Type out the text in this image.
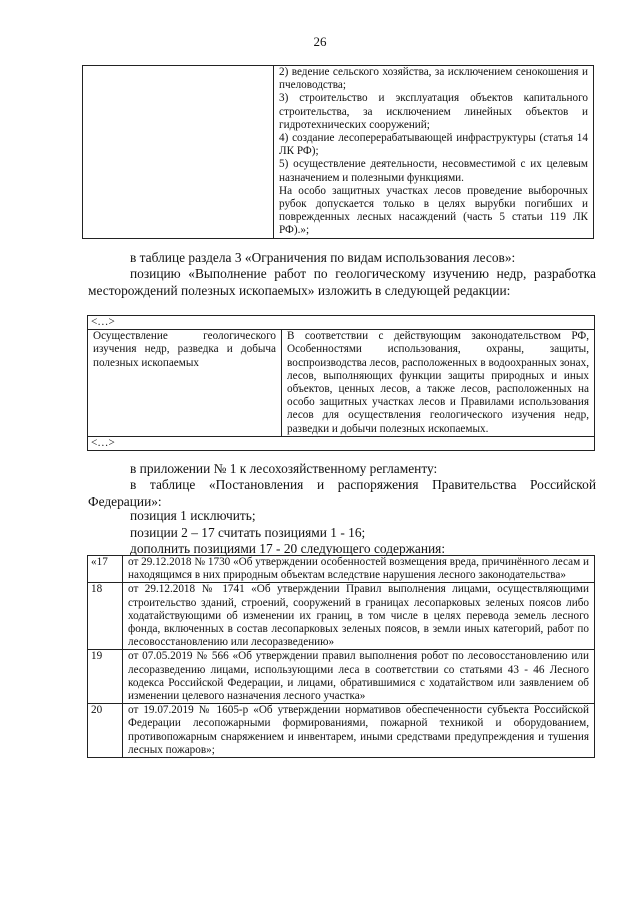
26

2) ведение сельского хозяйства, за исключением сенокошения и пчеловодства;

3) строительство и эксплуатация объектов капитального строительства, за исключением линейных объектов и гидротехнических сооружений;

4) создание лесоперерабатывающей инфраструктуры (статья 14 ЛК РФ);

5) осуществление деятельности, несовместимой с их целевым назначением и полезными функциями.

На особо защитных участках лесов проведение выборочных рубок допускается только в целях вырубки погибших и поврежденных лесных насаждений (часть 5 статьи 119 ЛК РФ).»;

в таблице раздела 3 «Ограничения по видам использования лесов»:
позицию «Выполнение работ по геологическому изучению недр, разработка месторождений полезных ископаемых» изложить в следующей редакции:
<…>
Осуществление геологического изучения недр, разведка и добыча полезных ископаемых	В соответствии с действующим законодательством РФ, Особенностями использования, охраны, защиты, воспроизводства лесов, расположенных в водоохранных зонах, лесов, выполняющих функции защиты природных и иных объектов, ценных лесов, а также лесов, расположенных на особо защитных участках лесов и Правилами использования лесов для осуществления геологического изучения недр, разведки и добычи полезных ископаемых.
<…>
в приложении № 1 к лесохозяйственному регламенту:
в таблице «Постановления и распоряжения Правительства Российской Федерации»:
позиция 1 исключить;
позиции 2 – 17 считать позициями 1 - 16;
дополнить позициями 17 - 20 следующего содержания:
«17	от 29.12.2018 № 1730 «Об утверждении особенностей возмещения вреда, причинённого лесам и находящимся в них природным объектам вследствие нарушения лесного законодательства»
18	от 29.12.2018 № 1741 «Об утверждении Правил выполнения лицами, осуществляющими строительство зданий, строений, сооружений в границах лесопарковых зеленых поясов либо ходатайствующими об изменении их границ, в том числе в целях перевода земель лесного фонда, включенных в состав лесопарковых зеленых поясов, в земли иных категорий, работ по лесовосстановлению или лесоразведению»
19	от 07.05.2019 № 566 «Об утверждении правил выполнения робот по лесовосстановлению или лесоразведению лицами, использующими леса в соответствии со статьями 43 - 46 Лесного кодекса Российской Федерации, и лицами, обратившимися с ходатайством или заявлением об изменении целевого назначения лесного участка»
20	от 19.07.2019 № 1605-р «Об утверждении нормативов обеспеченности субъекта Российской Федерации лесопожарными формированиями, пожарной техникой и оборудованием, противопожарным снаряжением и инвентарем, иными средствами предупреждения и тушения лесных пожаров»;
